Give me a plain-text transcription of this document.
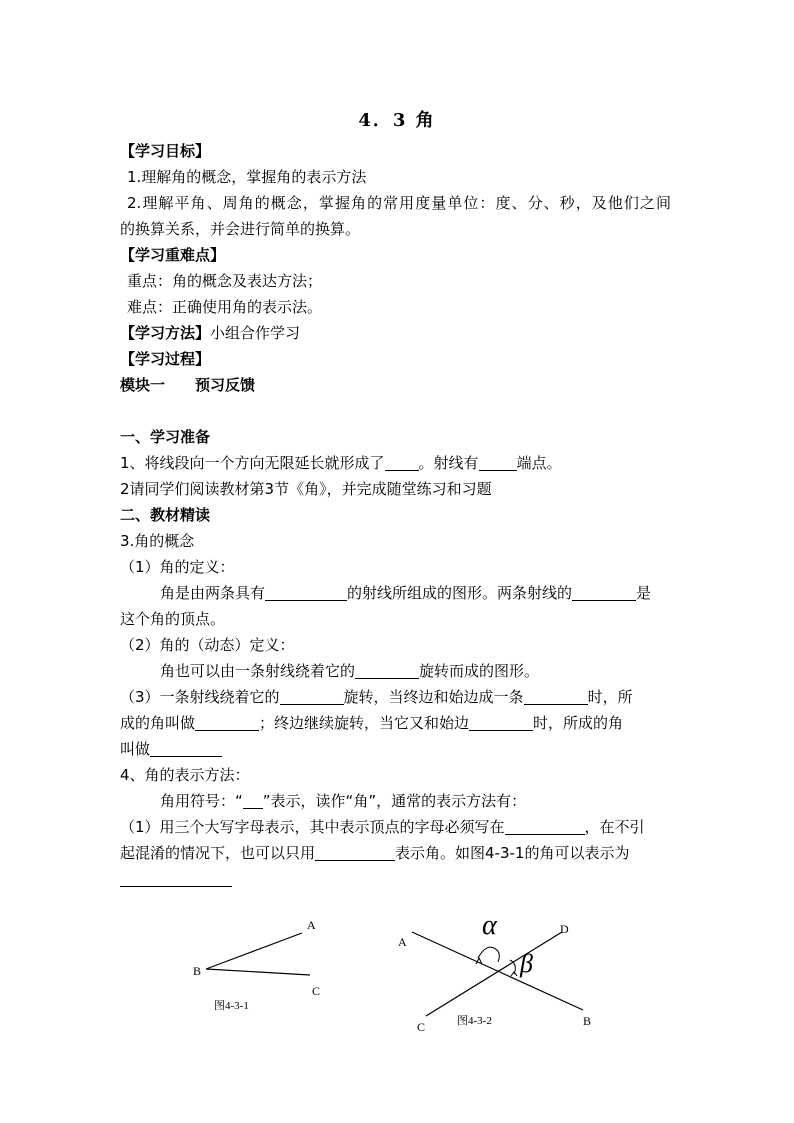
4．3 角
【学习目标】
1.理解角的概念，掌握角的表示方法
2.理解平角、周角的概念，掌握角的常用度量单位：度、分、秒，及他们之间
的换算关系，并会进行简单的换算。
【学习重难点】
重点：角的概念及表达方法；
难点：正确使用角的表示法。
【学习方法】小组合作学习
【学习过程】
模块一 预习反馈
一、学习准备
1、将线段向一个方向无限延长就形成了 。射线有	端点。
2请同学们阅读教材第3节《角》，并完成随堂练习和习题
二、教材精读
3.角的概念
（1）角的定义：
角是由两条具有	的射线所组成的图形。两条射线的	是
这个角的顶点。
（2）角的（动态）定义：
角也可以由一条射线绕着它的	旋转而成的图形。
（3）一条射线绕着它的	旋转，当终边和始边成一条	时，所
成的角叫做	；终边继续旋转，当它又和始边	时，所成的角
叫做
4、角的表示方法：
角用符号：“ ”表示，读作“角”，通常的表示方法有：
（1）用三个大写字母表示，其中表示顶点的字母必须写在	，在不引
起混淆的情况下，也可以只用	表示角。如图4-3-1的角可以表示为
A
B
C
图4-3-1
A
D
C	B
α
β
图4-3-2
